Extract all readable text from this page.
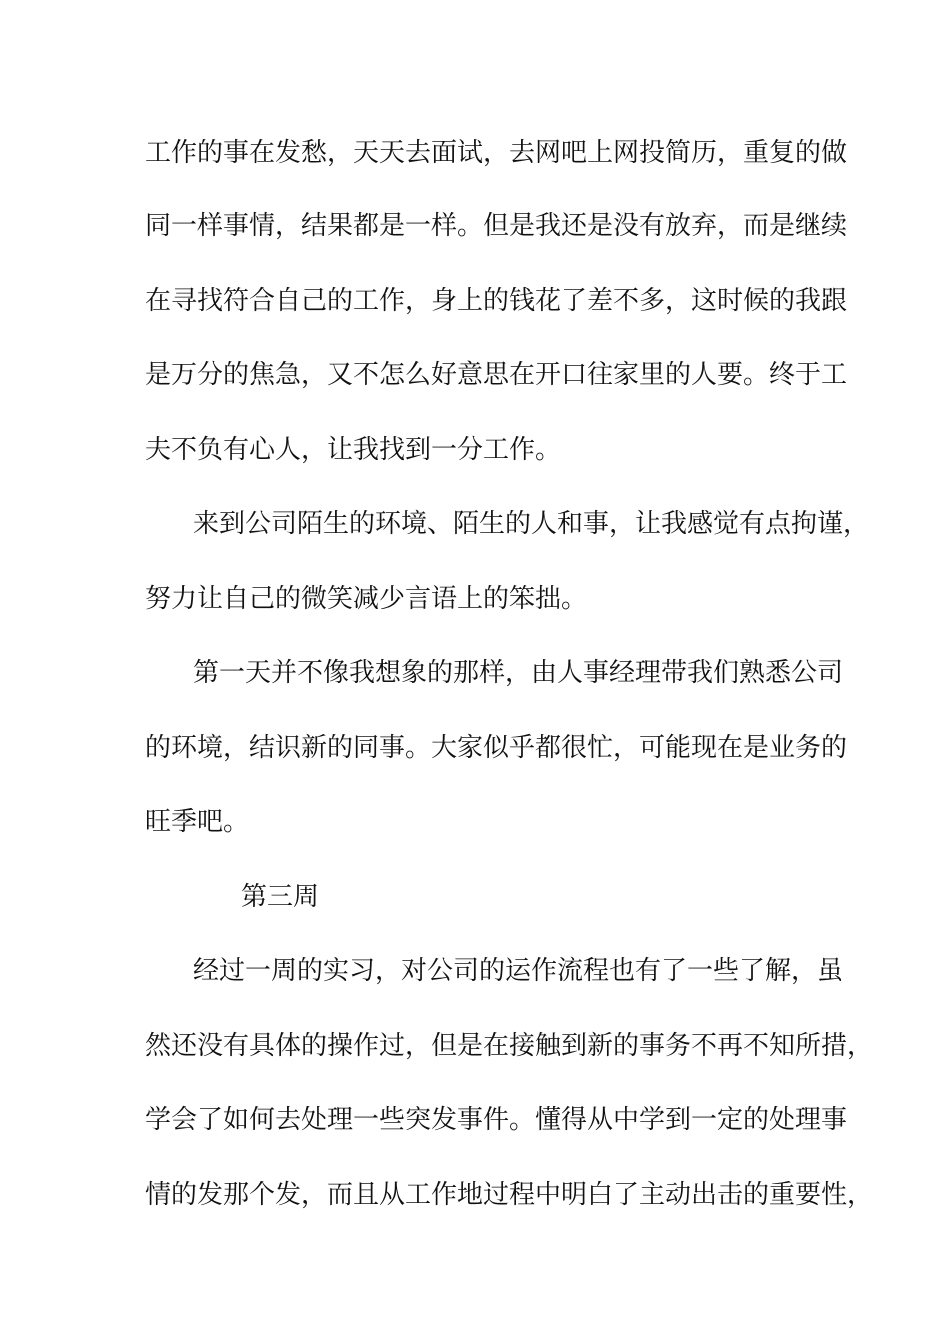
工作的事在发愁，天天去面试，去网吧上网投简历，重复的做
同一样事情，结果都是一样。但是我还是没有放弃，而是继续
在寻找符合自己的工作，身上的钱花了差不多，这时候的我跟
是万分的焦急，又不怎么好意思在开口往家里的人要。终于工
夫不负有心人，让我找到一分工作。
来到公司陌生的环境、陌生的人和事，让我感觉有点拘谨，
努力让自己的微笑减少言语上的笨拙。
第一天并不像我想象的那样，由人事经理带我们熟悉公司
的环境，结识新的同事。大家似乎都很忙，可能现在是业务的
旺季吧。
第三周
经过一周的实习，对公司的运作流程也有了一些了解，虽
然还没有具体的操作过，但是在接触到新的事务不再不知所措，
学会了如何去处理一些突发事件。懂得从中学到一定的处理事
情的发那个发，而且从工作地过程中明白了主动出击的重要性，
